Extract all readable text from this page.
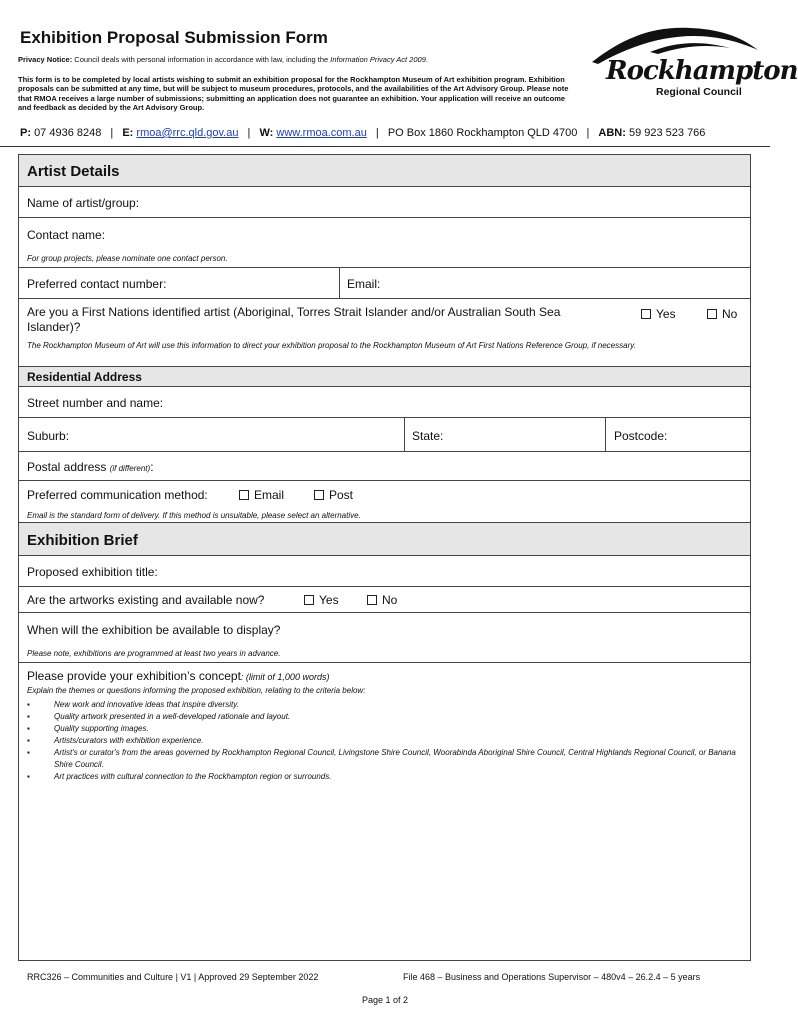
Exhibition Proposal Submission Form
Privacy Notice: Council deals with personal information in accordance with law, including the Information Privacy Act 2009.
This form is to be completed by local artists wishing to submit an exhibition proposal for the Rockhampton Museum of Art exhibition program. Exhibition proposals can be submitted at any time, but will be subject to museum procedures, protocols, and the availabilities of the Art Advisory Group. Please note that RMOA receives a large number of submissions; submitting an application does not guarantee an exhibition. Your application will receive an outcome and feedback as decided by the Art Advisory Group.
Rockhampton
Regional Council
P: 07 4936 8248 | E: rmoa@rrc.qld.gov.au | W: www.rmoa.com.au | PO Box 1860 Rockhampton QLD 4700 | ABN: 59 923 523 766
Artist Details
Name of artist/group:
Contact name:
For group projects, please nominate one contact person.
Preferred contact number:	Email:
Are you a First Nations identified artist (Aboriginal, Torres Strait Islander and/or Australian South Sea Islander)?
Yes	No
The Rockhampton Museum of Art will use this information to direct your exhibition proposal to the Rockhampton Museum of Art First Nations Reference Group, if necessary.
Residential Address
Street number and name:
Suburb:	State:	Postcode:
Postal address (if different):
Preferred communication method:	Email	Post
Email is the standard form of delivery. If this method is unsuitable, please select an alternative.
Exhibition Brief
Proposed exhibition title:
Are the artworks existing and available now?	Yes	No
When will the exhibition be available to display?
Please note, exhibitions are programmed at least two years in advance.
Please provide your exhibition’s concept: (limit of 1,000 words)
Explain the themes or questions informing the proposed exhibition, relating to the criteria below:
▪ New work and innovative ideas that inspire diversity.
▪ Quality artwork presented in a well-developed rationale and layout.
▪ Quality supporting images.
▪ Artists/curators with exhibition experience.
▪ Artist's or curator's from the areas governed by Rockhampton Regional Council, Livingstone Shire Council, Woorabinda Aboriginal Shire Council, Central Highlands Regional Council, or Banana Shire Council.
▪ Art practices with cultural connection to the Rockhampton region or surrounds.
RRC326 – Communities and Culture | V1 | Approved 29 September 2022	File 468 – Business and Operations Supervisor – 480v4 – 26.2.4 – 5 years
Page 1 of 2
